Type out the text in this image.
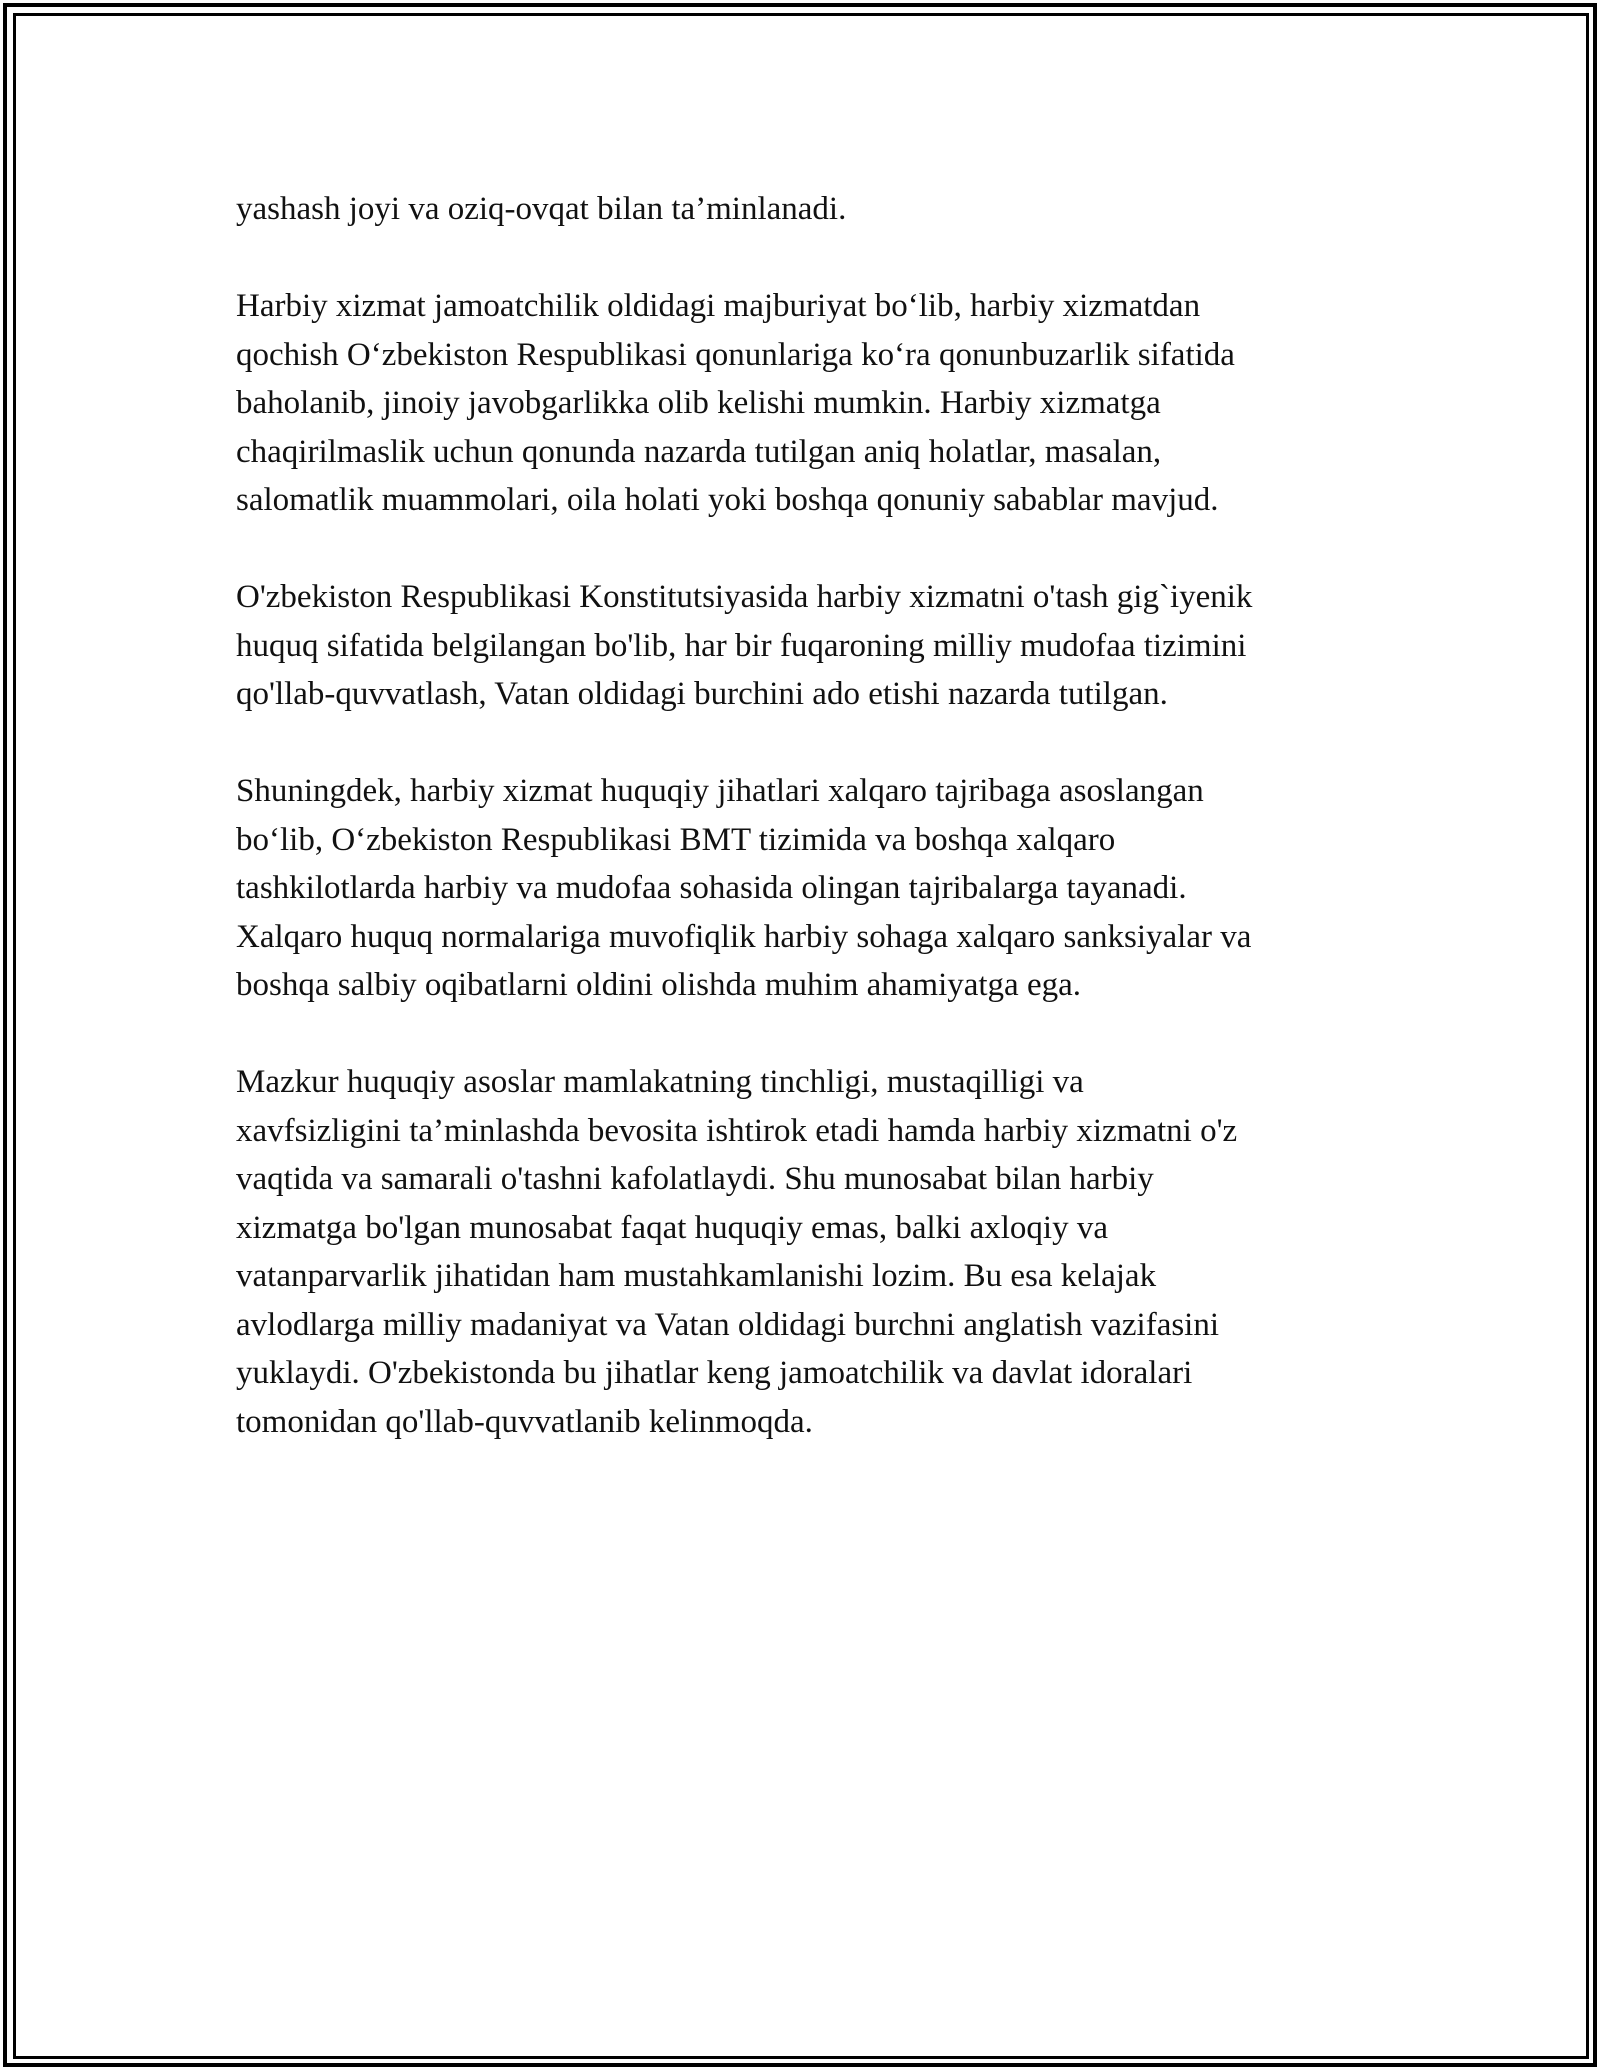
yashash joyi va oziq-ovqat bilan ta’minlanadi.

Harbiy xizmat jamoatchilik oldidagi majburiyat bo‘lib, harbiy xizmatdan
qochish O‘zbekiston Respublikasi qonunlariga ko‘ra qonunbuzarlik sifatida
baholanib, jinoiy javobgarlikka olib kelishi mumkin. Harbiy xizmatga
chaqirilmaslik uchun qonunda nazarda tutilgan aniq holatlar, masalan,
salomatlik muammolari, oila holati yoki boshqa qonuniy sabablar mavjud.

O'zbekiston Respublikasi Konstitutsiyasida harbiy xizmatni o'tash gig`iyenik
huquq sifatida belgilangan bo'lib, har bir fuqaroning milliy mudofaa tizimini
qo'llab-quvvatlash, Vatan oldidagi burchini ado etishi nazarda tutilgan.

Shuningdek, harbiy xizmat huquqiy jihatlari xalqaro tajribaga asoslangan
bo‘lib, O‘zbekiston Respublikasi BMT tizimida va boshqa xalqaro
tashkilotlarda harbiy va mudofaa sohasida olingan tajribalarga tayanadi.
Xalqaro huquq normalariga muvofiqlik harbiy sohaga xalqaro sanksiyalar va
boshqa salbiy oqibatlarni oldini olishda muhim ahamiyatga ega.

Mazkur huquqiy asoslar mamlakatning tinchligi, mustaqilligi va
xavfsizligini ta’minlashda bevosita ishtirok etadi hamda harbiy xizmatni o'z
vaqtida va samarali o'tashni kafolatlaydi. Shu munosabat bilan harbiy
xizmatga bo'lgan munosabat faqat huquqiy emas, balki axloqiy va
vatanparvarlik jihatidan ham mustahkamlanishi lozim. Bu esa kelajak
avlodlarga milliy madaniyat va Vatan oldidagi burchni anglatish vazifasini
yuklaydi. O'zbekistonda bu jihatlar keng jamoatchilik va davlat idoralari
tomonidan qo'llab-quvvatlanib kelinmoqda.
